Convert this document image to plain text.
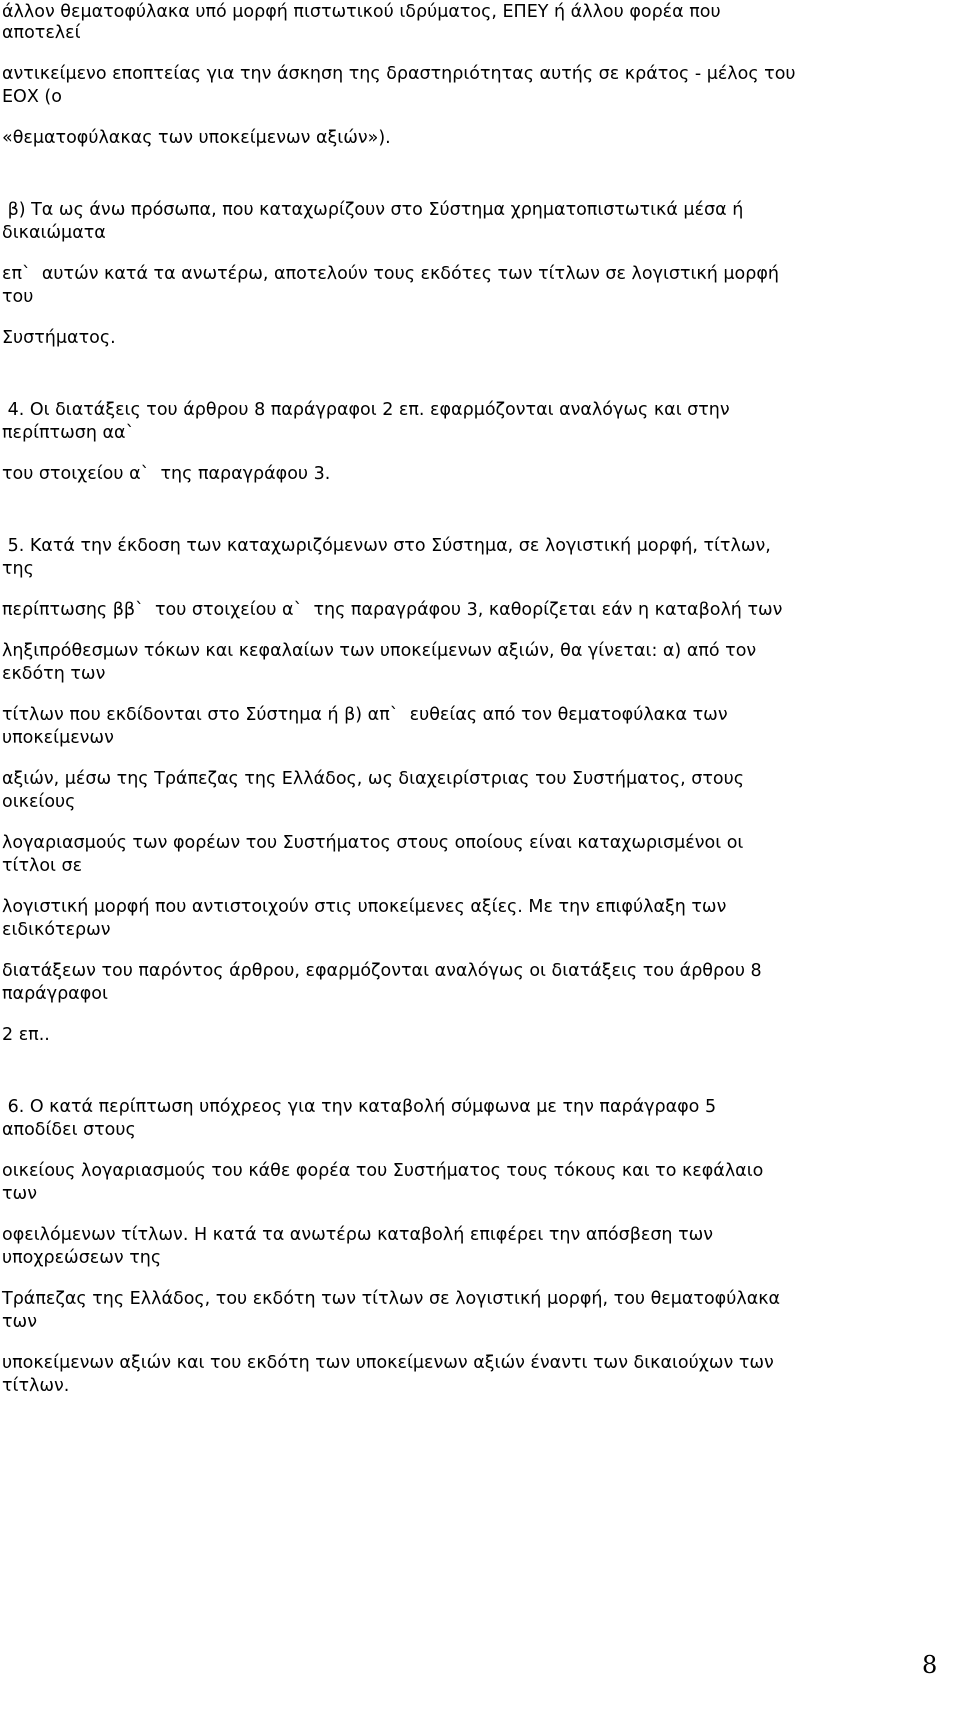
άλλον θεματοφύλακα υπό μορφή πιστωτικού ιδρύματος, ΕΠΕΥ ή άλλου φορέα που

αποτελεί

αντικείμενο εποπτείας για την άσκηση της δραστηριότητας αυτής σε κράτος - μέλος του

ΕΟΧ (ο

«θεματοφύλακας των υποκείμενων αξιών»).

β) Τα ως άνω πρόσωπα, που καταχωρίζουν στο Σύστημα χρηματοπιστωτικά μέσα ή

δικαιώματα

επ`  αυτών κατά τα ανωτέρω, αποτελούν τους εκδότες των τίτλων σε λογιστική μορφή

του

Συστήματος.

4. Οι διατάξεις του άρθρου 8 παράγραφοι 2 επ. εφαρμόζονται αναλόγως και στην

περίπτωση αα`

του στοιχείου α`  της παραγράφου 3.

5. Κατά την έκδοση των καταχωριζόμενων στο Σύστημα, σε λογιστική μορφή, τίτλων,

της

περίπτωσης ββ`  του στοιχείου α`  της παραγράφου 3, καθορίζεται εάν η καταβολή των

ληξιπρόθεσμων τόκων και κεφαλαίων των υποκείμενων αξιών, θα γίνεται: α) από τον

εκδότη των

τίτλων που εκδίδονται στο Σύστημα ή β) απ`  ευθείας από τον θεματοφύλακα των

υποκείμενων

αξιών, μέσω της Τράπεζας της Ελλάδος, ως διαχειρίστριας του Συστήματος, στους

οικείους

λογαριασμούς των φορέων του Συστήματος στους οποίους είναι καταχωρισμένοι οι

τίτλοι σε

λογιστική μορφή που αντιστοιχούν στις υποκείμενες αξίες. Με την επιφύλαξη των

ειδικότερων

διατάξεων του παρόντος άρθρου, εφαρμόζονται αναλόγως οι διατάξεις του άρθρου 8

παράγραφοι

2 επ..

6. Ο κατά περίπτωση υπόχρεος για την καταβολή σύμφωνα με την παράγραφο 5

αποδίδει στους

οικείους λογαριασμούς του κάθε φορέα του Συστήματος τους τόκους και το κεφάλαιο

των

οφειλόμενων τίτλων. Η κατά τα ανωτέρω καταβολή επιφέρει την απόσβεση των

υποχρεώσεων της

Τράπεζας της Ελλάδος, του εκδότη των τίτλων σε λογιστική μορφή, του θεματοφύλακα

των

υποκείμενων αξιών και του εκδότη των υποκείμενων αξιών έναντι των δικαιούχων των

τίτλων.

8
